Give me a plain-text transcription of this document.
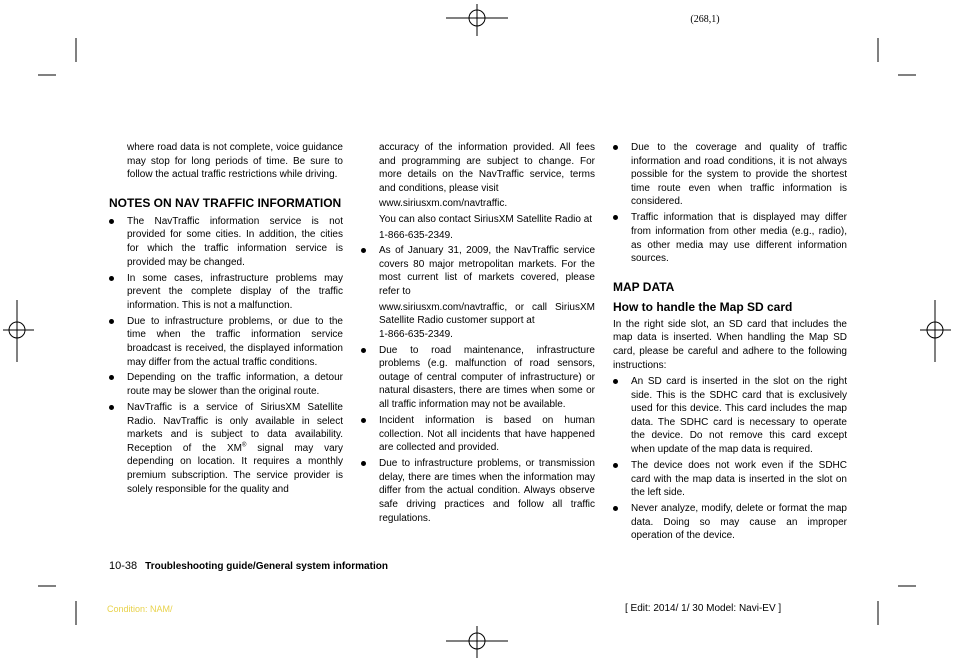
(268,1)

where road data is not complete, voice guidance may stop for long periods of time. Be sure to follow the actual traffic restrictions while driving.

NOTES ON NAV TRAFFIC INFORMATION
The NavTraffic information service is not provided for some cities. In addition, the cities for which the traffic information service is provided may be changed.
In some cases, infrastructure problems may prevent the complete display of the traffic information. This is not a malfunction.
Due to infrastructure problems, or due to the time when the traffic information service broadcast is received, the displayed information may differ from the actual traffic conditions.
Depending on the traffic information, a detour route may be slower than the original route.
NavTraffic is a service of SiriusXM Satellite Radio. NavTraffic is only available in select markets and is subject to data availability. Reception of the XM® signal may vary depending on location. It requires a monthly premium subscription. The service provider is solely responsible for the quality and

accuracy of the information provided. All fees and programming are subject to change. For more details on the NavTraffic service, terms and conditions, please visit

www.siriusxm.com/navtraffic.

You can also contact SiriusXM Satellite Radio at

1-866-635-2349.

As of January 31, 2009, the NavTraffic service covers 80 major metropolitan markets. For the most current list of markets covered, please refer to
www.siriusxm.com/navtraffic, or call SiriusXM Satellite Radio customer support at
1-866-635-2349.
Due to road maintenance, infrastructure problems (e.g. malfunction of road sensors, outage of central computer of infrastructure) or natural disasters, there are times when some or all traffic information may not be available.
Incident information is based on human collection. Not all incidents that have happened are collected and provided.
Due to infrastructure problems, or transmission delay, there are times when the information may differ from the actual condition. Always observe safe driving practices and follow all traffic regulations.
Due to the coverage and quality of traffic information and road conditions, it is not always possible for the system to provide the shortest time route even when traffic information is considered.
Traffic information that is displayed may differ from information from other media (e.g., radio), as other media may use different information sources.
MAP DATA
How to handle the Map SD card

In the right side slot, an SD card that includes the map data is inserted. When handling the Map SD card, please be careful and adhere to the following instructions:

An SD card is inserted in the slot on the right side. This is the SDHC card that is exclusively used for this device. This card includes the map data. The SDHC card is necessary to operate the device. Do not remove this card except when update of the map data is required.
The device does not work even if the SDHC card with the map data is inserted in the slot on the left side.
Never analyze, modify, delete or format the map data. Doing so may cause an improper operation of the device.
10-38 Troubleshooting guide/General system information
Condition: NAM/	[ Edit: 2014/ 1/ 30 Model: Navi-EV ]
